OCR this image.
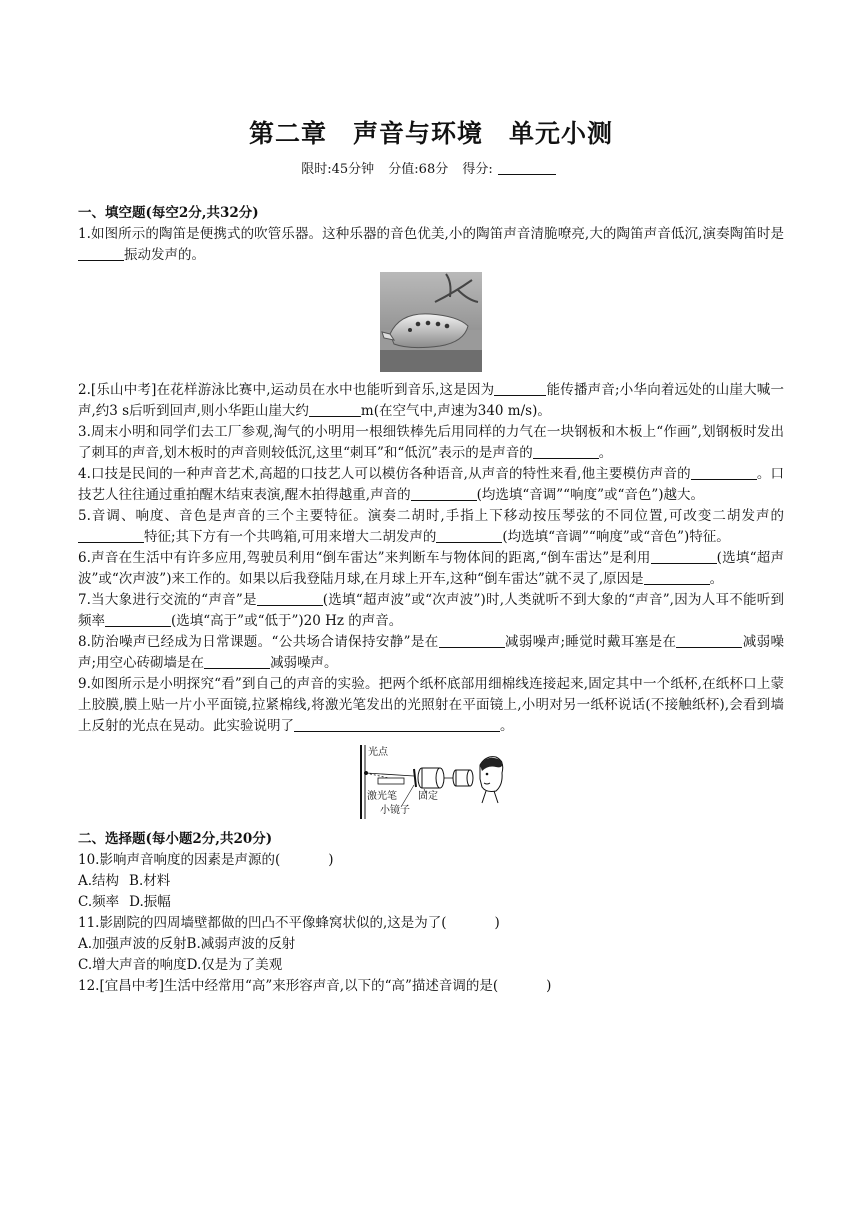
第二章 声音与环境 单元小测
限时:45分钟 分值:68分 得分:
一、填空题(每空2分,共32分)
1.如图所示的陶笛是便携式的吹管乐器。这种乐器的音色优美,小的陶笛声音清脆嘹亮,大的陶笛声音低沉,演奏陶笛时是振动发声的。
2.[乐山中考]在花样游泳比赛中,运动员在水中也能听到音乐,这是因为	能传播声音;小华向着远处的山崖大喊一声,约3 s后听到回声,则小华距山崖大约	m(在空气中,声速为340 m/s)。
3.周末小明和同学们去工厂参观,淘气的小明用一根细铁棒先后用同样的力气在一块钢板和木板上“作画”,划钢板时发出了刺耳的声音,划木板时的声音则较低沉,这里“刺耳”和“低沉”表示的是声音的	。
4.口技是民间的一种声音艺术,高超的口技艺人可以模仿各种语音,从声音的特性来看,他主要模仿声音的	。口技艺人往往通过重拍醒木结束表演,醒木拍得越重,声音的	(均选填“音调”“响度”或“音色”)越大。
5.音调、响度、音色是声音的三个主要特征。演奏二胡时,手指上下移动按压琴弦的不同位置,可改变二胡发声的特征;其下方有一个共鸣箱,可用来增大二胡发声的	(均选填“音调”“响度”或“音色”)特征。
6.声音在生活中有许多应用,驾驶员利用“倒车雷达”来判断车与物体间的距离,“倒车雷达”是利用	(选填“超声波”或“次声波”)来工作的。如果以后我登陆月球,在月球上开车,这种“倒车雷达”就不灵了,原因是	。
7.当大象进行交流的“声音”是	(选填“超声波”或“次声波”)时,人类就听不到大象的“声音”,因为人耳不能听到频率	(选填“高于”或“低于”)20 Hz 的声音。
8.防治噪声已经成为日常课题。“公共场合请保持安静”是在	减弱噪声;睡觉时戴耳塞是在	减弱噪声;用空心砖砌墙是在	减弱噪声。
9.如图所示是小明探究“看”到自己的声音的实验。把两个纸杯底部用细棉线连接起来,固定其中一个纸杯,在纸杯口上蒙上胶膜,膜上贴一片小平面镜,拉紧棉线,将激光笔发出的光照射在平面镜上,小明对另一纸杯说话(不接触纸杯),会看到墙上反射的光点在晃动。此实验说明了	。
光点
激光笔 固定
小镜子
二、选择题(每小题2分,共20分)
10.影响声音响度的因素是声源的(	)
A.结构 B.材料
C.频率 D.振幅
11.影剧院的四周墙壁都做的凹凸不平像蜂窝状似的,这是为了(	)
A.加强声波的反射B.减弱声波的反射
C.增大声音的响度D.仅是为了美观
12.[宜昌中考]生活中经常用“高”来形容声音,以下的“高”描述音调的是(	)
